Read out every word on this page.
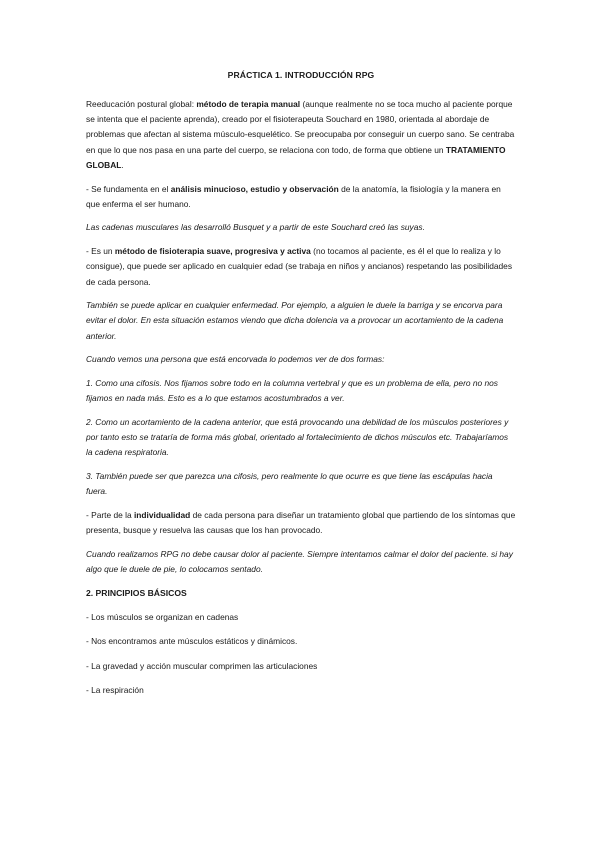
PRÁCTICA 1. INTRODUCCIÓN RPG

Reeducación postural global: método de terapia manual (aunque realmente no se toca mucho al paciente porque se intenta que el paciente aprenda), creado por el fisioterapeuta Souchard en 1980, orientada al abordaje de problemas que afectan al sistema músculo-esquelético. Se preocupaba por conseguir un cuerpo sano. Se centraba en que lo que nos pasa en una parte del cuerpo, se relaciona con todo, de forma que obtiene un TRATAMIENTO GLOBAL.

- Se fundamenta en el análisis minucioso, estudio y observación de la anatomía, la fisiología y la manera en que enferma el ser humano.

Las cadenas musculares las desarrolló Busquet y a partir de este Souchard creó las suyas.

- Es un método de fisioterapia suave, progresiva y activa (no tocamos al paciente, es él el que lo realiza y lo consigue), que puede ser aplicado en cualquier edad (se trabaja en niños y ancianos) respetando las posibilidades de cada persona.

También se puede aplicar en cualquier enfermedad. Por ejemplo, a alguien le duele la barriga y se encorva para evitar el dolor. En esta situación estamos viendo que dicha dolencia va a provocar un acortamiento de la cadena anterior.

Cuando vemos una persona que está encorvada lo podemos ver de dos formas:

1. Como una cifosis. Nos fijamos sobre todo en la columna vertebral y que es un problema de ella, pero no nos fijamos en nada más. Esto es a lo que estamos acostumbrados a ver.

2. Como un acortamiento de la cadena anterior, que está provocando una debilidad de los músculos posteriores y por tanto esto se trataría de forma más global, orientado al fortalecimiento de dichos músculos etc. Trabajaríamos la cadena respiratoria.

3. También puede ser que parezca una cifosis, pero realmente lo que ocurre es que tiene las escápulas hacia fuera.

- Parte de la individualidad de cada persona para diseñar un tratamiento global que partiendo de los síntomas que presenta, busque y resuelva las causas que los han provocado.

Cuando realizamos RPG no debe causar dolor al paciente. Siempre intentamos calmar el dolor del paciente. si hay algo que le duele de pie, lo colocamos sentado.

2. PRINCIPIOS BÁSICOS
- Los músculos se organizan en cadenas
- Nos encontramos ante músculos estáticos y dinámicos.
- La gravedad y acción muscular comprimen las articulaciones
- La respiración
